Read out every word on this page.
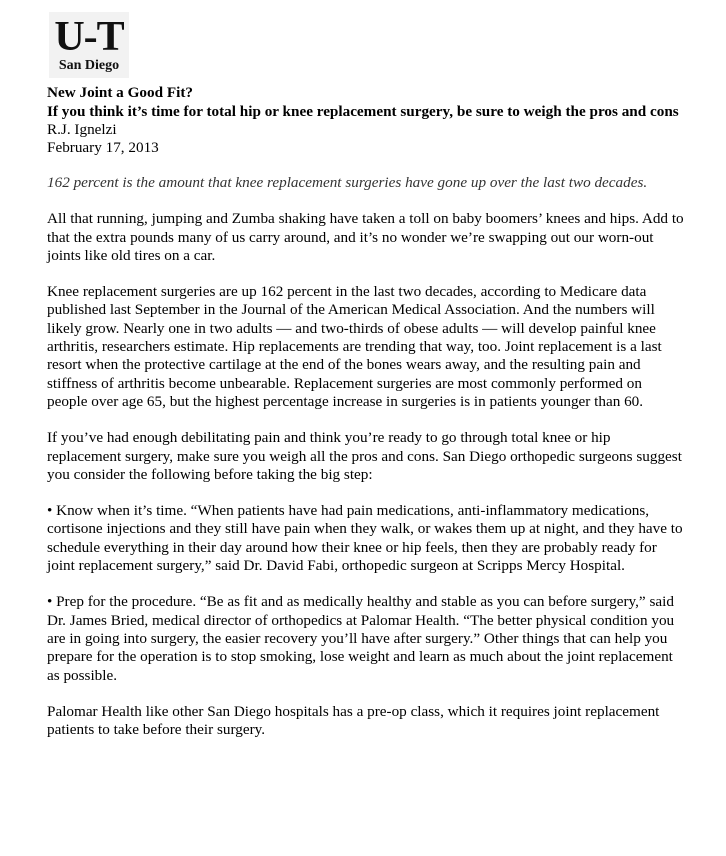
U-T
San Diego
New Joint a Good Fit?
If you think it’s time for total hip or knee replacement surgery, be sure to weigh the pros and cons
R.J. Ignelzi
February 17, 2013
162 percent is the amount that knee replacement surgeries have gone up over the last two decades.
All that running, jumping and Zumba shaking have taken a toll on baby boomers’ knees and hips. Add to that the extra pounds many of us carry around, and it’s no wonder we’re swapping out our worn-out joints like old tires on a car.
Knee replacement surgeries are up 162 percent in the last two decades, according to Medicare data published last September in the Journal of the American Medical Association. And the numbers will likely grow. Nearly one in two adults — and two-thirds of obese adults — will develop painful knee arthritis, researchers estimate. Hip replacements are trending that way, too. Joint replacement is a last resort when the protective cartilage at the end of the bones wears away, and the resulting pain and stiffness of arthritis become unbearable. Replacement surgeries are most commonly performed on people over age 65, but the highest percentage increase in surgeries is in patients younger than 60.
If you’ve had enough debilitating pain and think you’re ready to go through total knee or hip replacement surgery, make sure you weigh all the pros and cons. San Diego orthopedic surgeons suggest you consider the following before taking the big step:
• Know when it’s time. “When patients have had pain medications, anti-inflammatory medications, cortisone injections and they still have pain when they walk, or wakes them up at night, and they have to schedule everything in their day around how their knee or hip feels, then they are probably ready for joint replacement surgery,” said Dr. David Fabi, orthopedic surgeon at Scripps Mercy Hospital.
• Prep for the procedure. “Be as fit and as medically healthy and stable as you can before surgery,” said Dr. James Bried, medical director of orthopedics at Palomar Health. “The better physical condition you are in going into surgery, the easier recovery you’ll have after surgery.” Other things that can help you prepare for the operation is to stop smoking, lose weight and learn as much about the joint replacement as possible.
Palomar Health like other San Diego hospitals has a pre-op class, which it requires joint replacement patients to take before their surgery.
